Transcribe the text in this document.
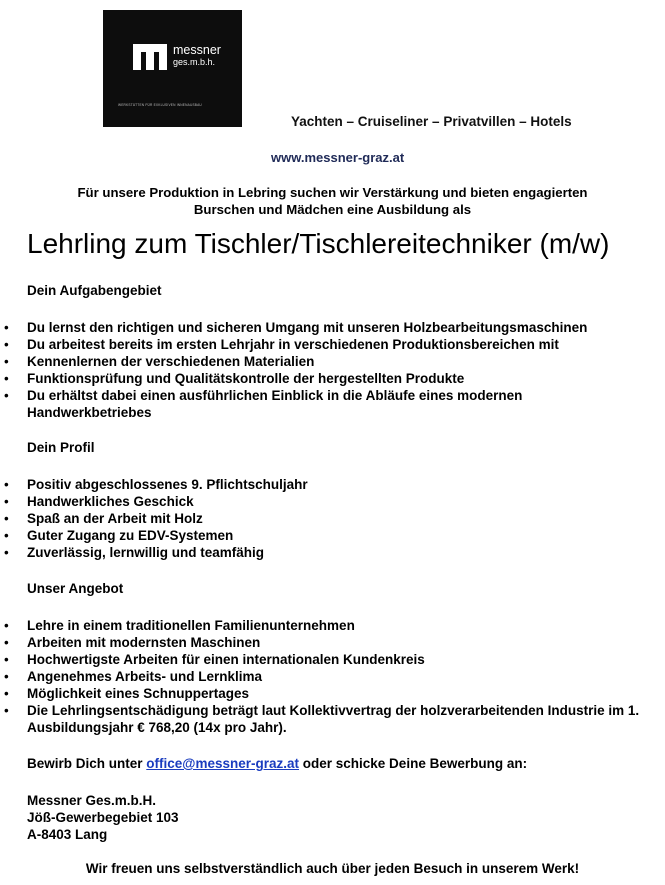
messner
ges.m.b.h.
WERKSTÄTTEN FÜR EXKLUSIVEN INNENAUSBAU
Yachten – Cruiseliner – Privatvillen – Hotels
www.messner-graz.at
Für unsere Produktion in Lebring suchen wir Verstärkung und bieten engagierten
Burschen und Mädchen eine Ausbildung als
Lehrling zum Tischler/Tischlereitechniker (m/w)
Dein Aufgabengebiet
• Du lernst den richtigen und sicheren Umgang mit unseren Holzbearbeitungsmaschinen
• Du arbeitest bereits im ersten Lehrjahr in verschiedenen Produktionsbereichen mit
• Kennenlernen der verschiedenen Materialien
• Funktionsprüfung und Qualitätskontrolle der hergestellten Produkte
• Du erhältst dabei einen ausführlichen Einblick in die Abläufe eines modernen Handwerkbetriebes
Dein Profil
• Positiv abgeschlossenes 9. Pflichtschuljahr
• Handwerkliches Geschick
• Spaß an der Arbeit mit Holz
• Guter Zugang zu EDV-Systemen
• Zuverlässig, lernwillig und teamfähig
Unser Angebot
• Lehre in einem traditionellen Familienunternehmen
• Arbeiten mit modernsten Maschinen
• Hochwertigste Arbeiten für einen internationalen Kundenkreis
• Angenehmes Arbeits- und Lernklima
• Möglichkeit eines Schnuppertages
• Die Lehrlingsentschädigung beträgt laut Kollektivvertrag der holzverarbeitenden Industrie im 1. Ausbildungsjahr € 768,20 (14x pro Jahr).
Bewirb Dich unter office@messner-graz.at oder schicke Deine Bewerbung an:
Messner Ges.m.b.H.
Jöß-Gewerbegebiet 103
A-8403 Lang
Wir freuen uns selbstverständlich auch über jeden Besuch in unserem Werk!
